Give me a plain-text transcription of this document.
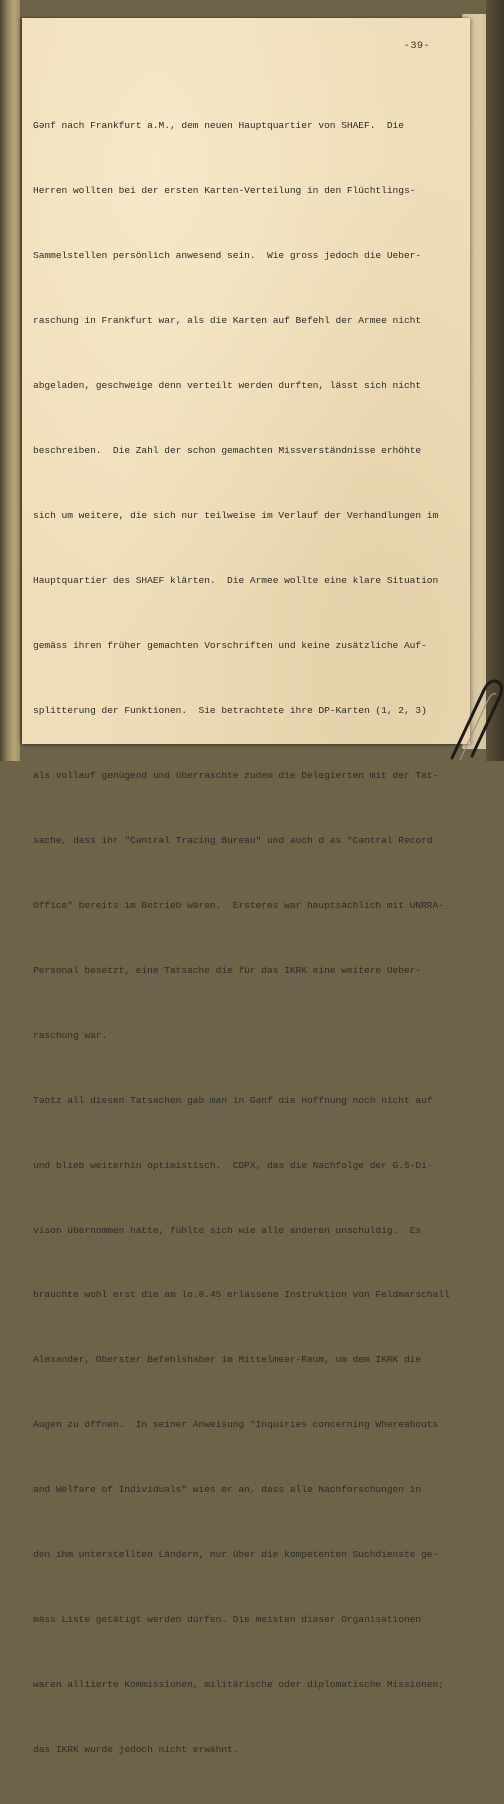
-39-

Gənf nach Frankfurt a.M., dem neuen Hauptquartier von SHAEF.  Die

Herren wollten bei der ersten Karten-Verteilung in den Flüchtlings-

Sammelstellen persönlich anwesend sein.  Wie gross jedoch die Ueber-

raschung in Frankfurt war, als die Karten auf Befehl der Armee nicht

abgeladen, geschweige denn verteilt werden durften, lässt sich nicht

beschreiben.  Die Zahl der schon gemachten Missverständnisse erhöhte

sich um weitere, die sich nur teilweise im Verlauf der Verhandlungen im

Hauptquartier des SHAEF klärten.  Die Armee wollte eine klare Situation

gemäss ihren früher gemachten Vorschriften und keine zusätzliche Auf-

splitterung der Funktionen.  Sie betrachtete ihre DP-Karten (1, 2, 3)

als vollauf genügend und überraschte zudem die Delegierten mit der Tat-

sache, dass ihr "Cəntral Tracing Bureau" und auch d as "Cəntral Record

Office" bereits im Betrieb wären.  Ersteres war hauptsächlich mit UNRRA-

Personal besetzt, eine Tatsache die für das IKRK eine weitere Ueber-

raschung war.

Təotz all diesen Tatsachen gab man in Gənf die Hoffnung noch nicht auf

und blieb weiterhin optimistisch.  CDPX, das die Nachfolge der G.5-Di-

vison übernommen hatte, fühlte sich wie alle anderen unschuldig.  Es

brauchte wohl erst die am lo.8.45 erlassene Instruktion von Feldmarschall

Alexander, Oberster Befehlshaber im Mittelmeer-Raum, um dem IKRK die

Augen zu öffnen.  In seiner Anweisung "Inquiries concerning Whereabouts

and Welfare of Individuals" wies er an, dass alle Nachforschungen in

den ihm unterstellten Ländern, nur über die kompetenten Suchdienste ge-

mäss Liste getätigt werden dürfen. Die meisten diəser Organisationen

waren alliierte Kommissionen, militärische oder diplomatische Missionen;

das IKRK wurde jedoch nicht erwähnt.
